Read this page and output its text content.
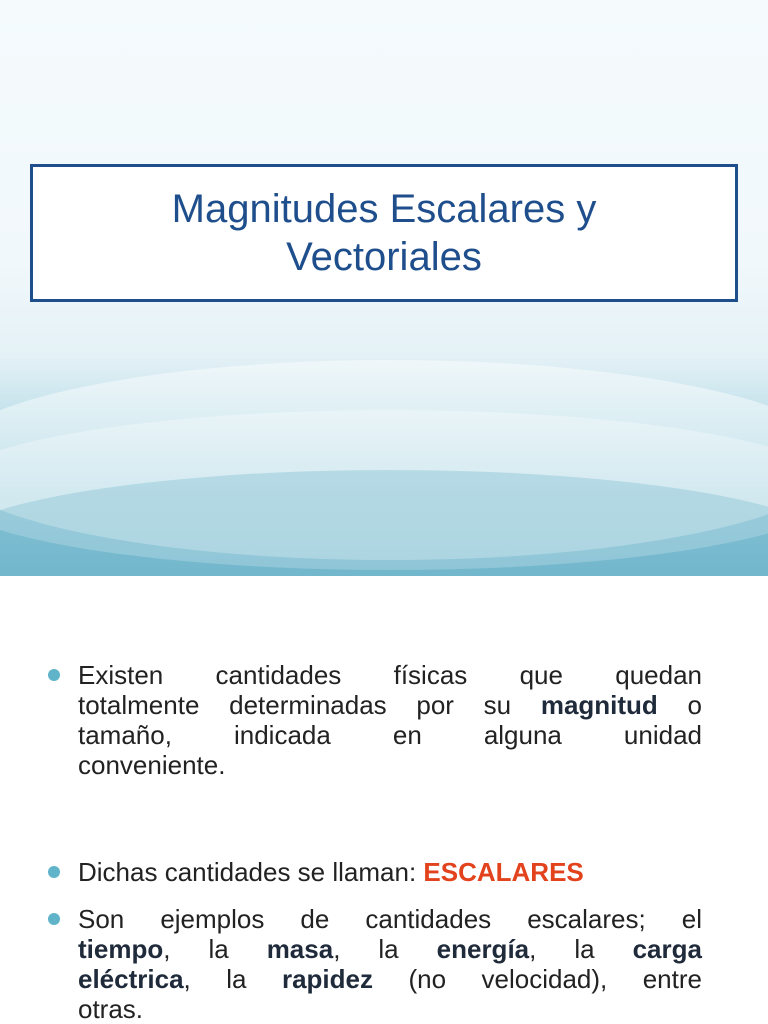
Magnitudes Escalares y
Vectoriales

Existen cantidades físicas que quedan
totalmente determinadas por su magnitud o
tamaño, indicada en alguna unidad
conveniente.
Dichas cantidades se llaman: ESCALARES
Son ejemplos de cantidades escalares; el
tiempo, la masa, la energía, la carga
eléctrica, la rapidez (no velocidad), entre
otras.
